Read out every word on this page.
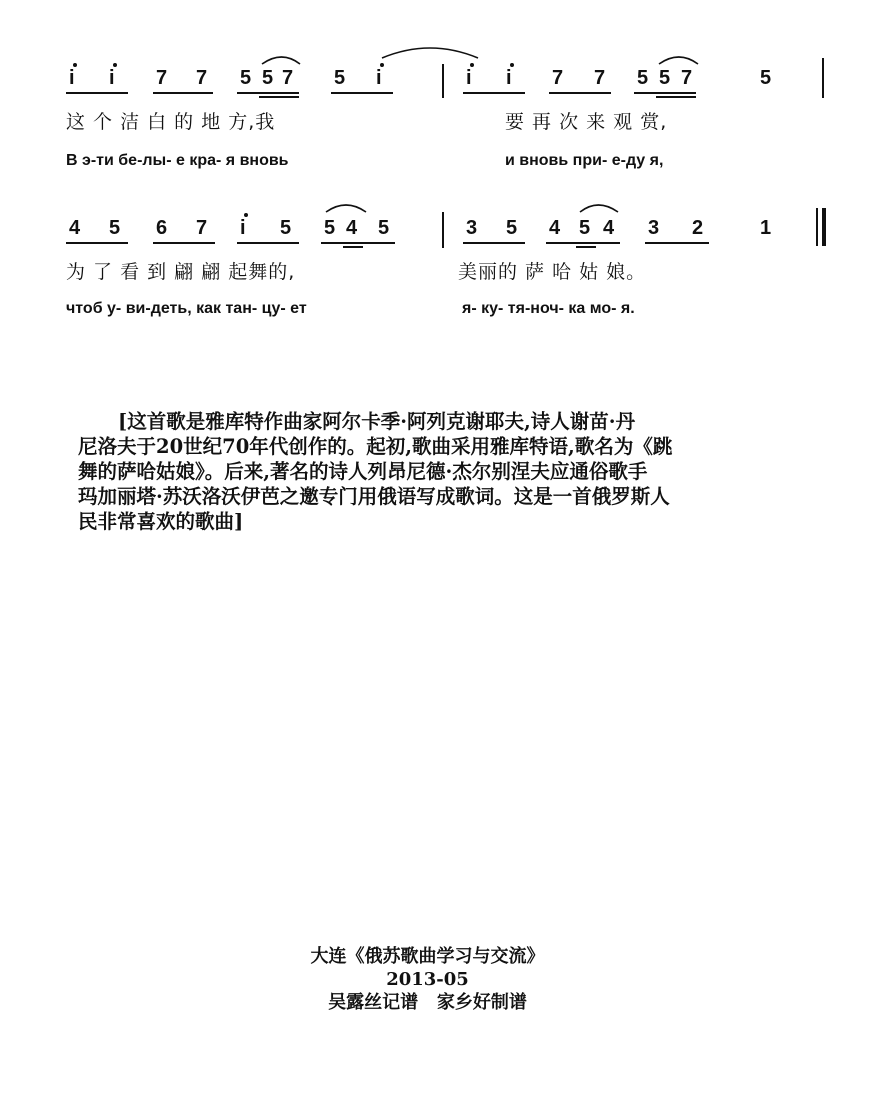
i i 7 7 5 5 7 5 i	i i 7 7 5 5 7	5
这 个 洁 白 的 地 方,我	要 再 次 来 观 赏,
В э-ти бе-лы- е кра- я вновь	и вновь при- е-ду я,
4 5 6 7 i 5 5 4 5	3 5 4 5 4 3 2	1
为 了 看 到 翩 翩 起舞的,	美丽的 萨 哈 姑 娘。
чтоб у- ви-деть, как тан- цу- ет	я- ку- тя-ноч- ка мо- я.
[这首歌是雅库特作曲家阿尔卡季·阿列克谢耶夫,诗人谢苗·丹
尼洛夫于20世纪70年代创作的。起初,歌曲采用雅库特语,歌名为《跳
舞的萨哈姑娘》。后来,著名的诗人列昂尼德·杰尔别涅夫应通俗歌手
玛加丽塔·苏沃洛沃伊芭之邀专门用俄语写成歌词。这是一首俄罗斯人
民非常喜欢的歌曲]
大连《俄苏歌曲学习与交流》
2013-05
吴露丝记谱   家乡好制谱
